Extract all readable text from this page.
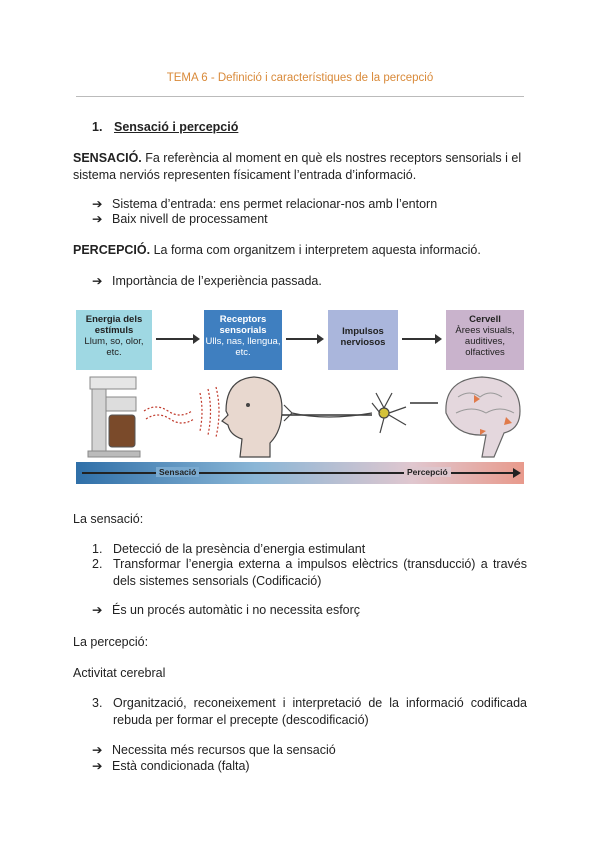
TEMA 6 - Definició i característiques de la percepció
1. Sensació i percepció
SENSACIÓ. Fa referència al moment en què els nostres receptors sensorials i el
sistema nerviós representen físicament l’entrada d’informació.
➔ Sistema d’entrada: ens permet relacionar-nos amb l’entorn
➔ Baix nivell de processament
PERCEPCIÓ. La forma com organitzem i interpretem aquesta informació.
➔ Importància de l’experiència passada.
Energia dels estímuls
Llum, so, olor, etc.
Receptors sensorials
Ulls, nas, llengua, etc.
Impulsos nerviosos
Cervell
Àrees visuals, auditives, olfactives
Sensació	Percepció
La sensació:
1. Detecció de la presència d’energia estimulant
2. Transformar l’energia externa a impulsos elèctrics (transducció) a través dels sistemes sensorials (Codificació)
➔ És un procés automàtic i no necessita esforç
La percepció:
Activitat cerebral
3. Organització, reconeixement i interpretació de la informació codificada rebuda per formar el precepte (descodificació)
➔ Necessita més recursos que la sensació
➔ Està condicionada (falta)
